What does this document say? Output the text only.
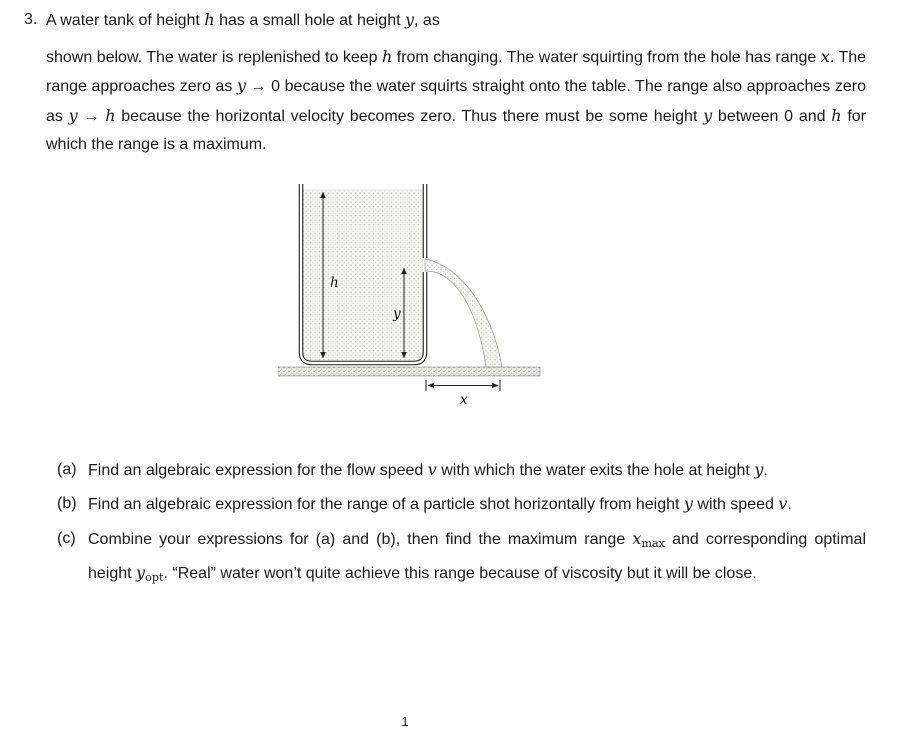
3. A water tank of height h has a small hole at height y, as
shown below. The water is replenished to keep h from changing. The water squirting from the hole has range x. The range approaches zero as y → 0 because the water squirts straight onto the table. The range also approaches zero as y → h because the horizontal velocity becomes zero. Thus there must be some height y between 0 and h for which the range is a maximum.
h
y
x
(a) Find an algebraic expression for the flow speed v with which the water exits the hole at height y.
(b) Find an algebraic expression for the range of a particle shot horizontally from height y with speed v.
(c) Combine your expressions for (a) and (b), then find the maximum range xmax and corresponding optimal height yopt. “Real” water won’t quite achieve this range because of viscosity but it will be close.
1
